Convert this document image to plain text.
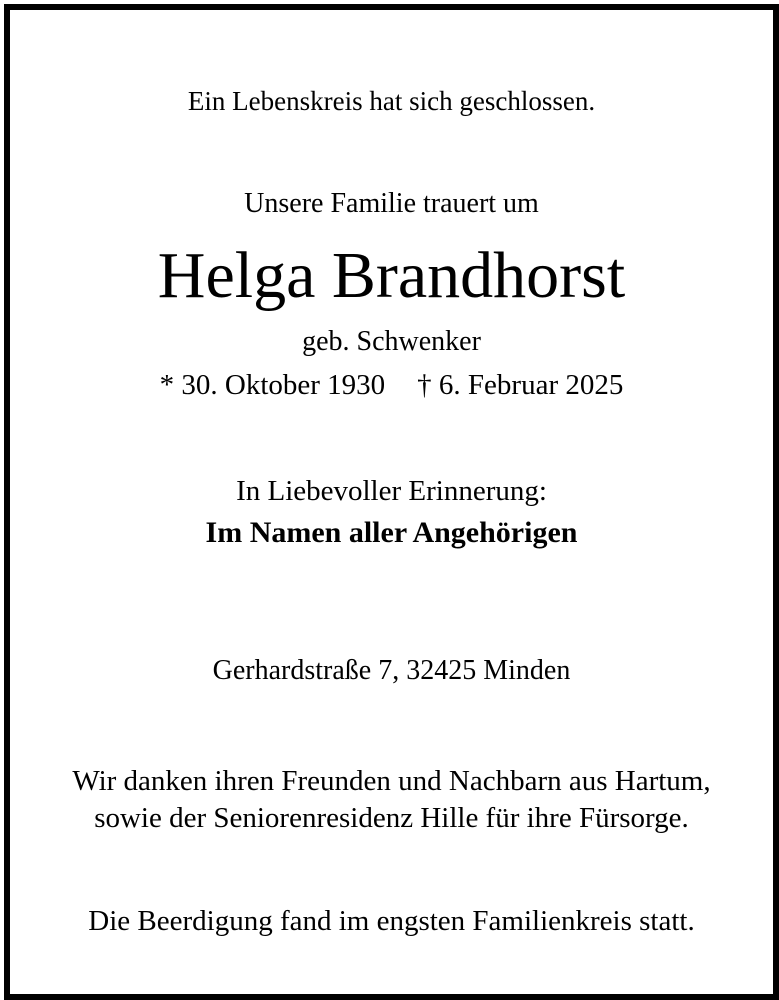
Ein Lebenskreis hat sich geschlossen.
Unsere Familie trauert um
Helga Brandhorst
geb. Schwenker
* 30. Oktober 1930 † 6. Februar 2025
In Liebevoller Erinnerung:
Im Namen aller Angehörigen
Gerhardstraße 7, 32425 Minden
Wir danken ihren Freunden und Nachbarn aus Hartum,
sowie der Seniorenresidenz Hille für ihre Fürsorge.
Die Beerdigung fand im engsten Familienkreis statt.
